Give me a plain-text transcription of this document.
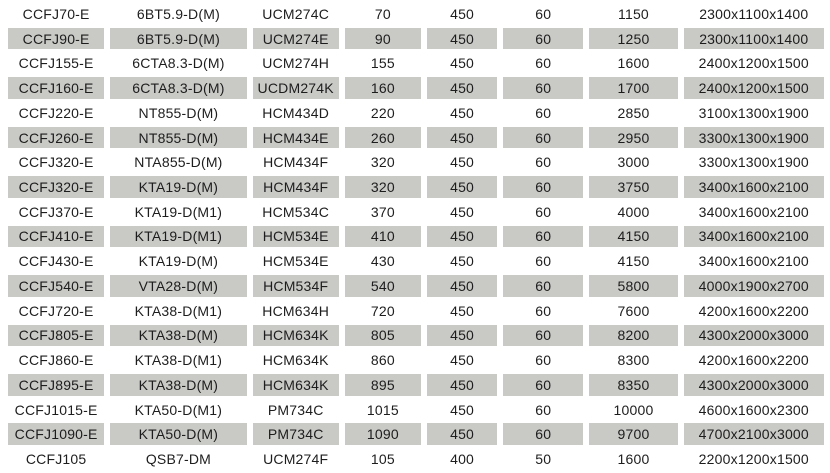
CCFJ70-E	6BT5.9-D(M)	UCM274C	70	450	60	1150	2300x1100x1400
CCFJ90-E	6BT5.9-D(M)	UCM274E	90	450	60	1250	2300x1100x1400
CCFJ155-E	6CTA8.3-D(M)	UCM274H	155	450	60	1600	2400x1200x1500
CCFJ160-E	6CTA8.3-D(M)	UCDM274K	160	450	60	1700	2400x1200x1500
CCFJ220-E	NT855-D(M)	HCM434D	220	450	60	2850	3100x1300x1900
CCFJ260-E	NT855-D(M)	HCM434E	260	450	60	2950	3300x1300x1900
CCFJ320-E	NTA855-D(M)	HCM434F	320	450	60	3000	3300x1300x1900
CCFJ320-E	KTA19-D(M)	HCM434F	320	450	60	3750	3400x1600x2100
CCFJ370-E	KTA19-D(M1)	HCM534C	370	450	60	4000	3400x1600x2100
CCFJ410-E	KTA19-D(M1)	HCM534E	410	450	60	4150	3400x1600x2100
CCFJ430-E	KTA19-D(M)	HCM534E	430	450	60	4150	3400x1600x2100
CCFJ540-E	VTA28-D(M)	HCM534F	540	450	60	5800	4000x1900x2700
CCFJ720-E	KTA38-D(M1)	HCM634H	720	450	60	7600	4200x1600x2200
CCFJ805-E	KTA38-D(M)	HCM634K	805	450	60	8200	4300x2000x3000
CCFJ860-E	KTA38-D(M1)	HCM634K	860	450	60	8300	4200x1600x2200
CCFJ895-E	KTA38-D(M)	HCM634K	895	450	60	8350	4300x2000x3000
CCFJ1015-E	KTA50-D(M1)	PM734C	1015	450	60	10000	4600x1600x2300
CCFJ1090-E	KTA50-D(M)	PM734C	1090	450	60	9700	4700x2100x3000
CCFJ105	QSB7-DM	UCM274F	105	400	50	1600	2200x1200x1500
